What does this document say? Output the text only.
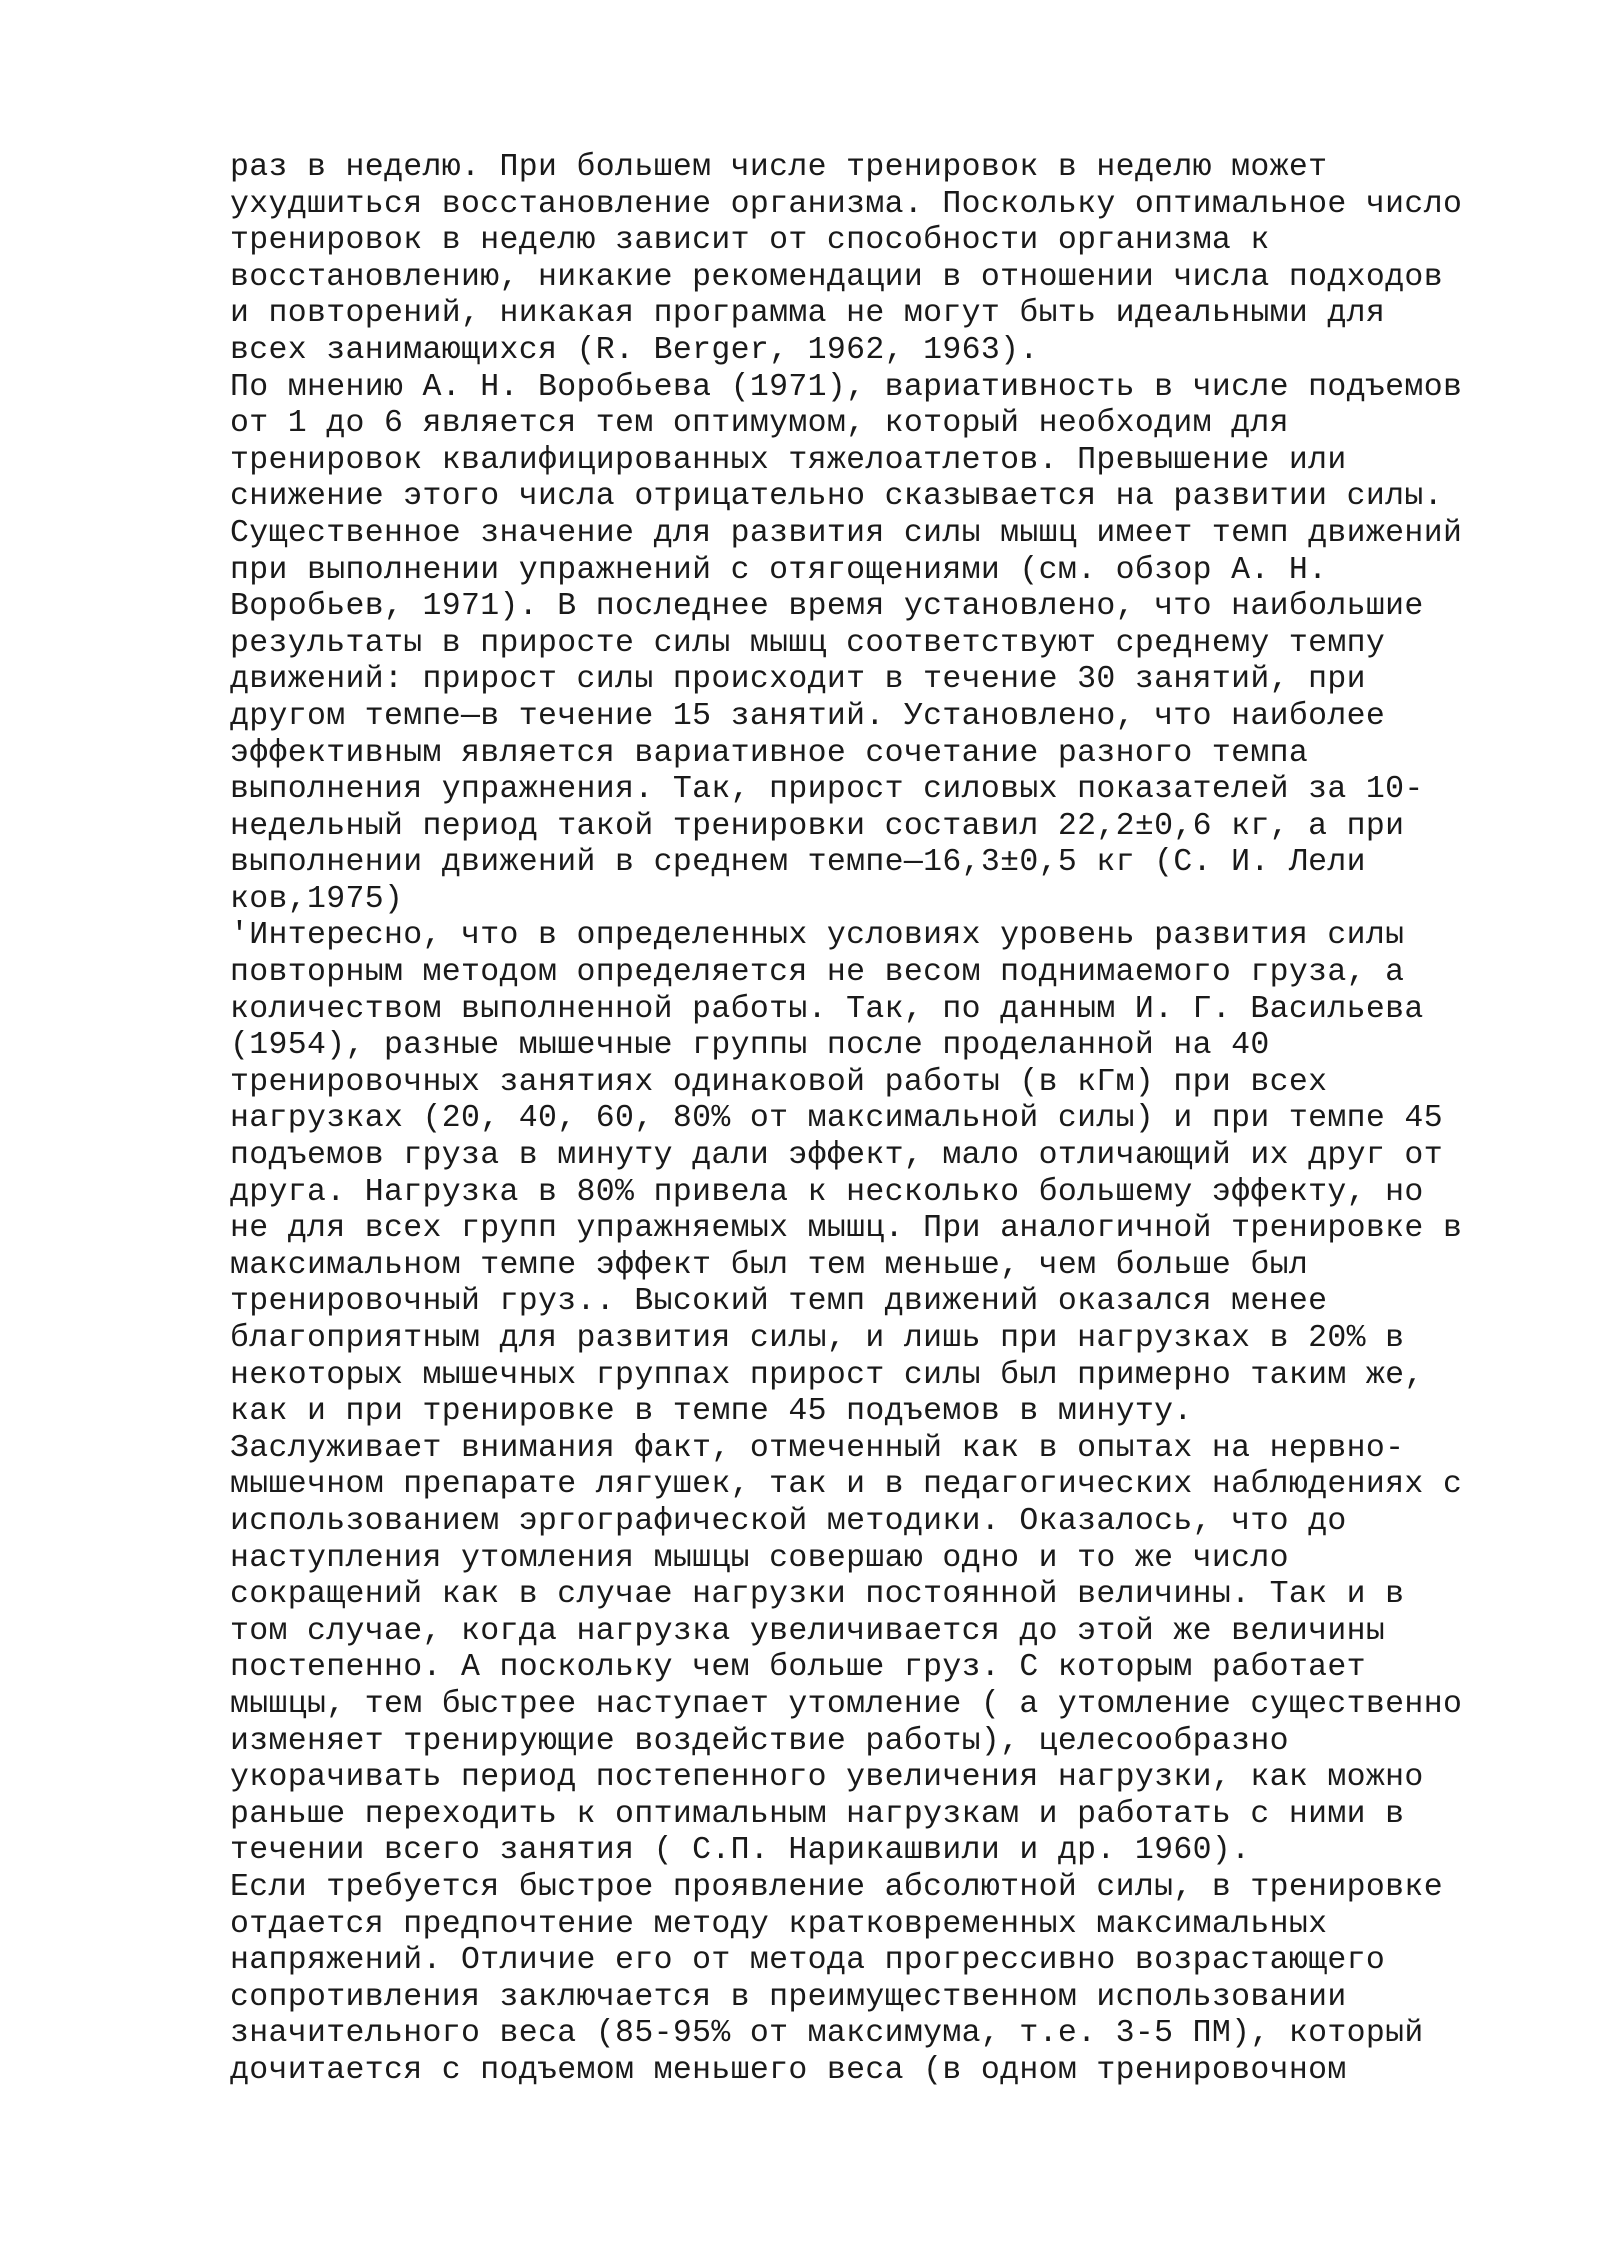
раз в неделю. При большем числе тренировок в неделю может
ухудшиться восстановление организма. Поскольку оптимальное число
тренировок в неделю зависит от способности организма к
восстановлению, никакие рекомендации в отношении числа подходов
и повторений, никакая программа не могут быть идеальными для
всех занимающихся (R. Berger, 1962, 1963).
По мнению А. Н. Воробьева (1971), вариативность в числе подъемов
от 1 до 6 является тем оптимумом, который необходим для
тренировок квалифицированных тяжелоатлетов. Превышение или
снижение этого числа отрицательно сказывается на развитии силы.
Существенное значение для развития силы мышц имеет темп движений
при выполнении упражнений с отягощениями (см. обзор А. Н.
Воробьев, 1971). В последнее время установлено, что наибольшие
результаты в приросте силы мышц соответствуют среднему темпу
движений: прирост силы происходит в течение 30 занятий, при
другом темпе—в течение 15 занятий. Установлено, что наиболее
эффективным является вариативное сочетание разного темпа
выполнения упражнения. Так, прирост силовых показателей за 10-
недельный период такой тренировки составил 22,2±0,6 кг, а при
выполнении движений в среднем темпе—16,3±0,5 кг (С. И. Лели
ков,1975)
'Интересно, что в определенных условиях уровень развития силы
повторным методом определяется не весом поднимаемого груза, а
количеством выполненной работы. Так, по данным И. Г. Васильева
(1954), разные мышечные группы после проделанной на 40
тренировочных занятиях одинаковой работы (в кГм) при всех
нагрузках (20, 40, 60, 80% от максимальной силы) и при темпе 45
подъемов груза в минуту дали эффект, мало отличающий их друг от
друга. Нагрузка в 80% привела к несколько большему эффекту, но
не для всех групп упражняемых мышц. При аналогичной тренировке в
максимальном темпе эффект был тем меньше, чем больше был
тренировочный груз.. Высокий темп движений оказался менее
благоприятным для развития силы, и лишь при нагрузках в 20% в
некоторых мышечных группах прирост силы был примерно таким же,
как и при тренировке в темпе 45 подъемов в минуту.
Заслуживает внимания факт, отмеченный как в опытах на нервно-
мышечном препарате лягушек, так и в педагогических наблюдениях с
использованием эргографической методики. Оказалось, что до
наступления утомления мышцы совершаю одно и то же число
сокращений как в случае нагрузки постоянной величины. Так и в
том случае, когда нагрузка увеличивается до этой же величины
постепенно. А поскольку чем больше груз. С которым работает
мышцы, тем быстрее наступает утомление ( а утомление существенно
изменяет тренирующие воздействие работы), целесообразно
укорачивать период постепенного увеличения нагрузки, как можно
раньше переходить к оптимальным нагрузкам и работать с ними в
течении всего занятия ( С.П. Нарикашвили и др. 1960).
Если требуется быстрое проявление абсолютной силы, в тренировке
отдается предпочтение методу кратковременных максимальных
напряжений. Отличие его от метода прогрессивно возрастающего
сопротивления заключается в преимущественном использовании
значительного веса (85-95% от максимума, т.е. 3-5 ПМ), который
дочитается с подъемом меньшего веса (в одном тренировочном
